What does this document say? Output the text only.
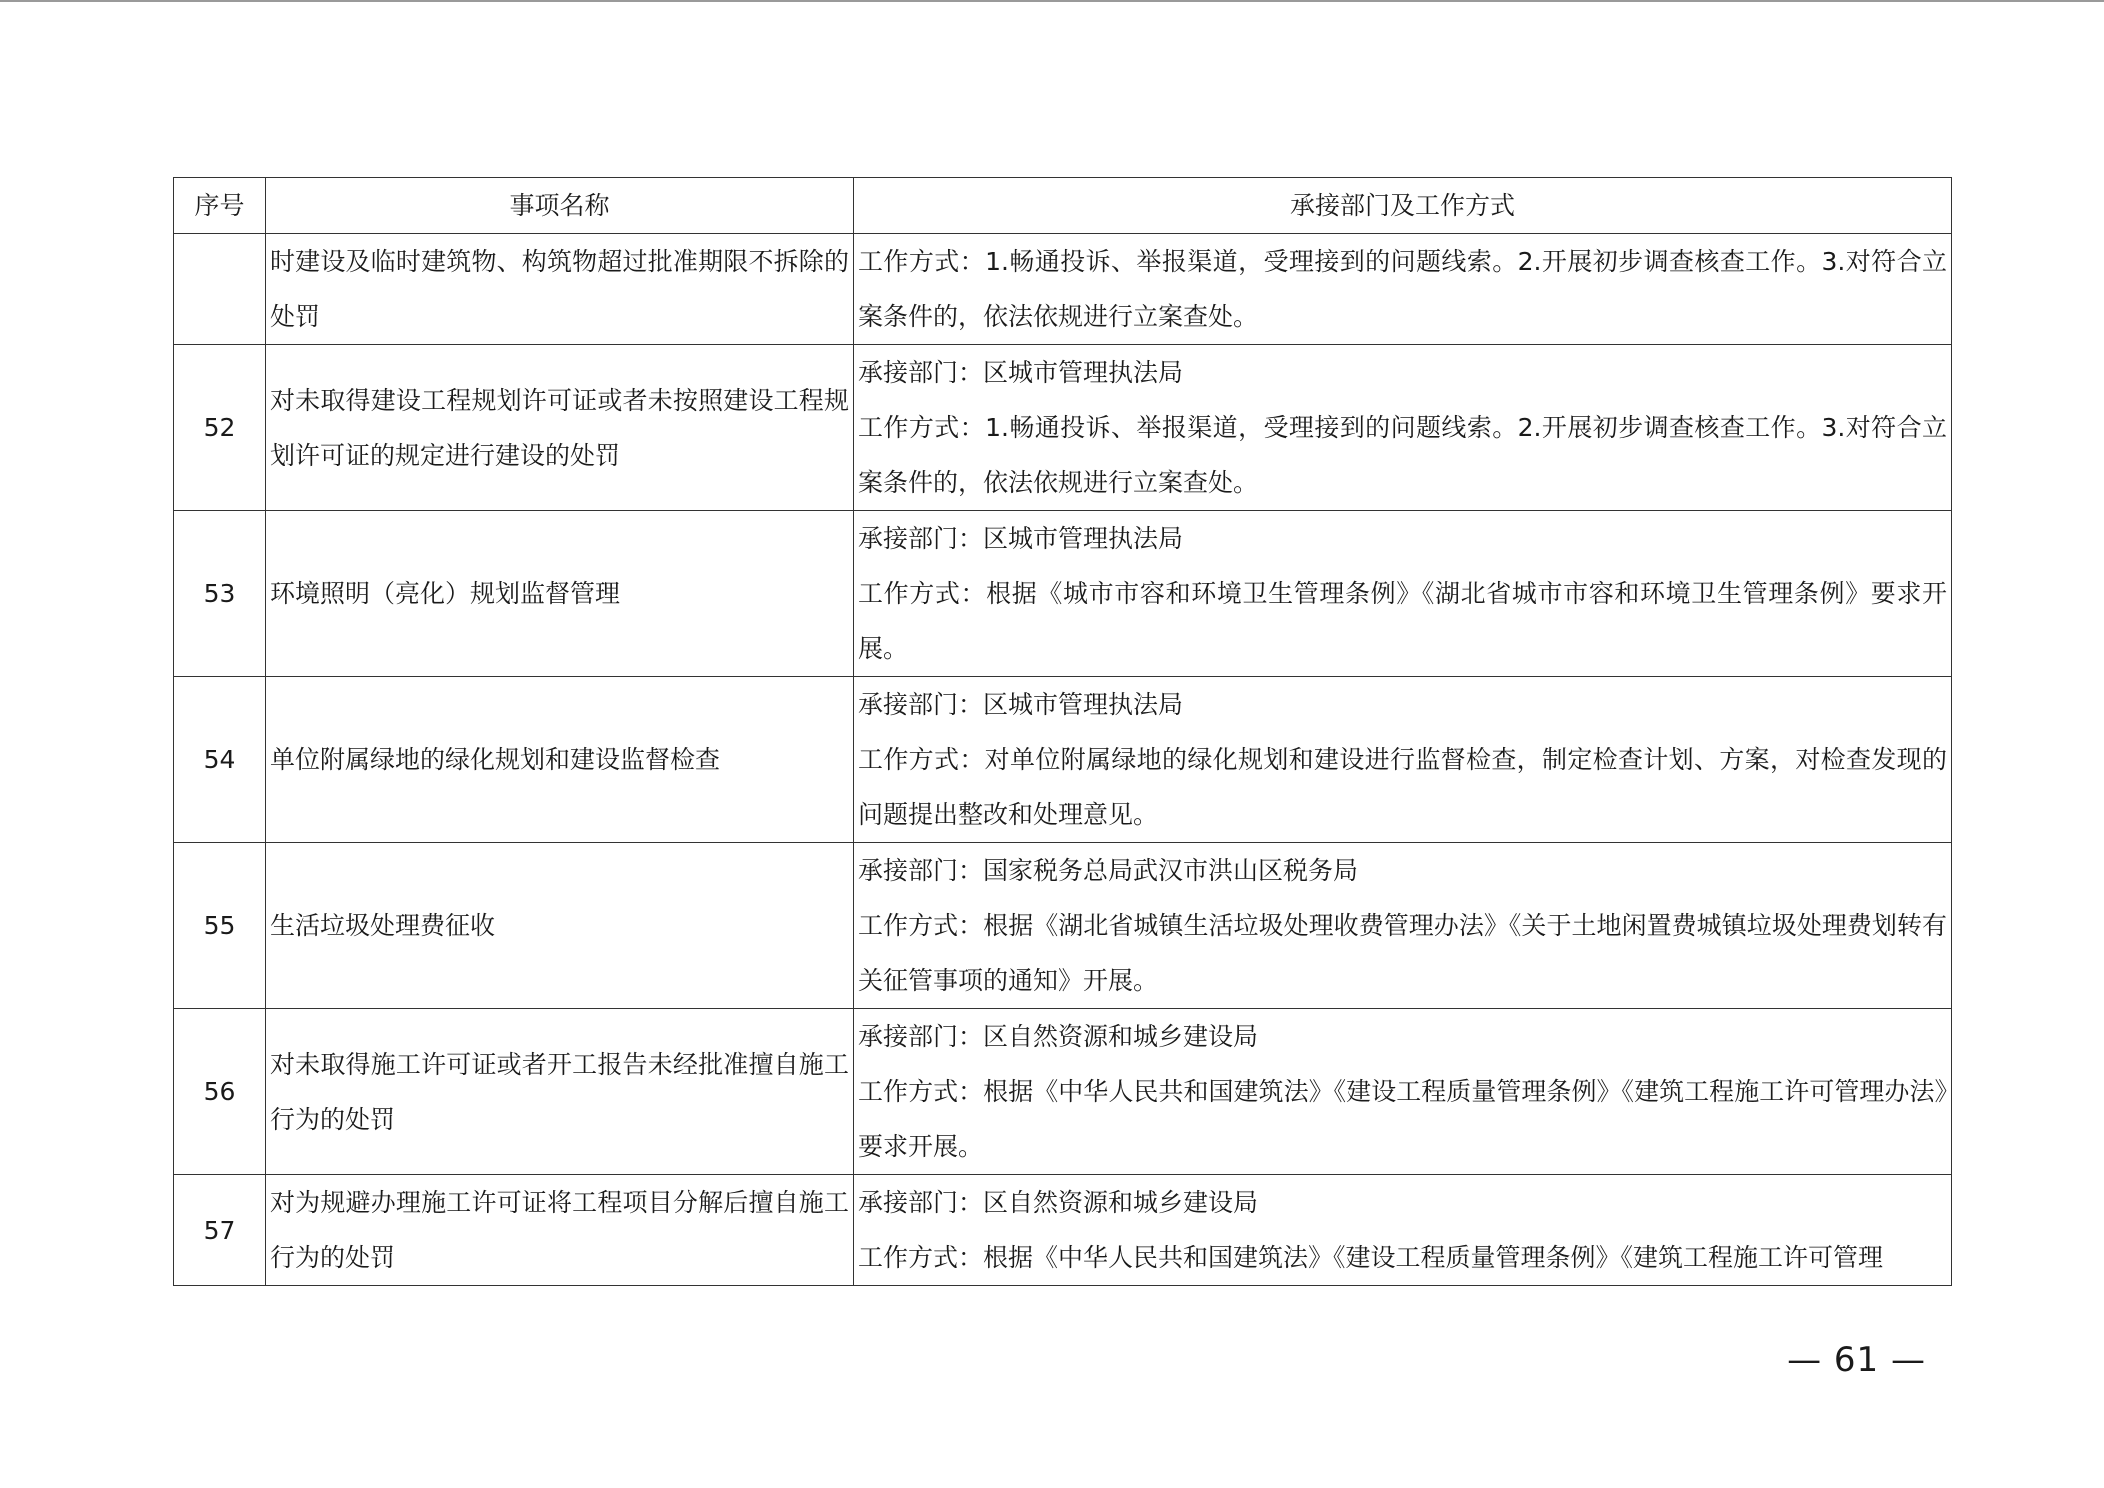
序号	事项名称	承接部门及工作方式
	时建设及临时建筑物、构筑物超过批准期限不拆除的处罚	工作方式：1.畅通投诉、举报渠道，受理接到的问题线索。2.开展初步调查核查工作。3.对符合立案条件的，依法依规进行立案查处。

52	对未取得建设工程规划许可证或者未按照建设工程规划许可证的规定进行建设的处罚	承接部门：区城市管理执法局
工作方式：1.畅通投诉、举报渠道，受理接到的问题线索。2.开展初步调查核查工作。3.对符合立案条件的，依法依规进行立案查处。

53	环境照明（亮化）规划监督管理	承接部门：区城市管理执法局
工作方式：根据《城市市容和环境卫生管理条例》《湖北省城市市容和环境卫生管理条例》要求开展。

54	单位附属绿地的绿化规划和建设监督检查	承接部门：区城市管理执法局
工作方式：对单位附属绿地的绿化规划和建设进行监督检查，制定检查计划、方案，对检查发现的问题提出整改和处理意见。

55	生活垃圾处理费征收	承接部门：国家税务总局武汉市洪山区税务局
工作方式：根据《湖北省城镇生活垃圾处理收费管理办法》《关于土地闲置费城镇垃圾处理费划转有关征管事项的通知》开展。

56	对未取得施工许可证或者开工报告未经批准擅自施工行为的处罚	承接部门：区自然资源和城乡建设局
工作方式：根据《中华人民共和国建筑法》《建设工程质量管理条例》《建筑工程施工许可管理办法》要求开展。

57	对为规避办理施工许可证将工程项目分解后擅自施工行为的处罚	承接部门：区自然资源和城乡建设局
工作方式：根据《中华人民共和国建筑法》《建设工程质量管理条例》《建筑工程施工许可管理
— 61 —
